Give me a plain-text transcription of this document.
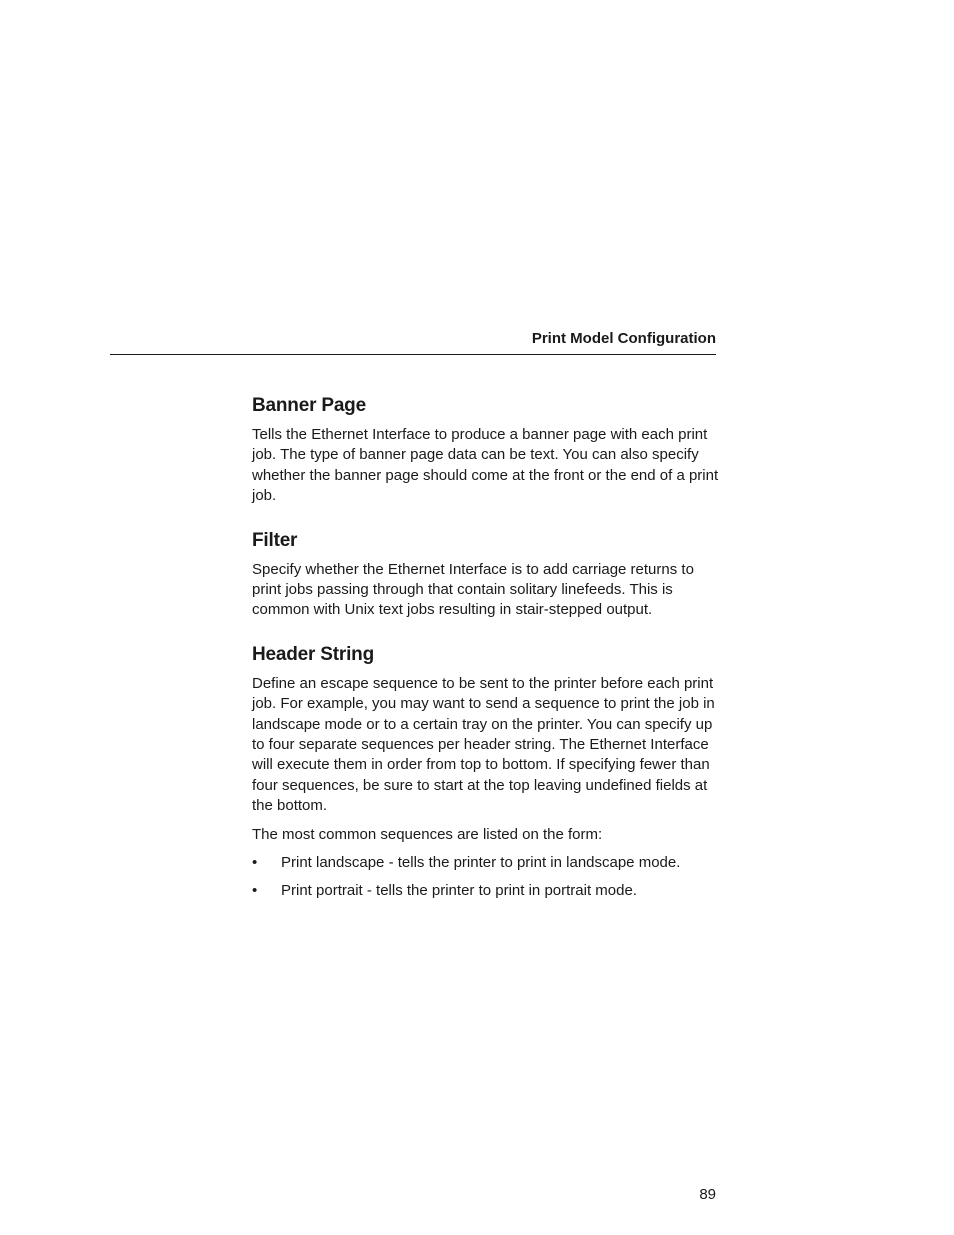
Print Model Configuration
Banner Page

Tells the Ethernet Interface to produce a banner page with each print job. The type of banner page data can be text. You can also specify whether the banner page should come at the front or the end of a print job.

Filter

Specify whether the Ethernet Interface is to add carriage returns to print jobs passing through that contain solitary linefeeds. This is common with Unix text jobs resulting in stair-stepped output.

Header String

Define an escape sequence to be sent to the printer before each print job. For example, you may want to send a sequence to print the job in landscape mode or to a certain tray on the printer. You can specify up to four separate sequences per header string. The Ethernet Interface will execute them in order from top to bottom. If specifying fewer than four sequences, be sure to start at the top leaving undefined fields at the bottom.

The most common sequences are listed on the form:

• Print landscape - tells the printer to print in landscape mode.
• Print portrait - tells the printer to print in portrait mode.
89
